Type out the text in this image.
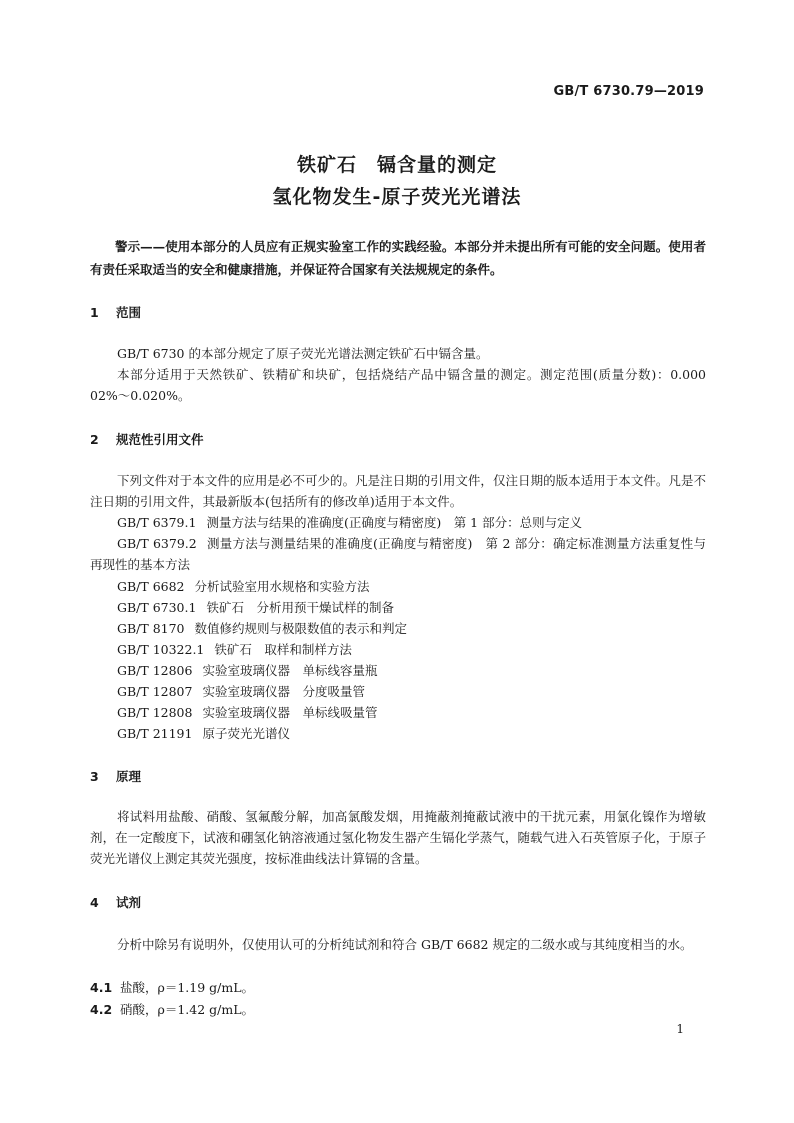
GB/T 6730.79—2019
铁矿石　镉含量的测定
氢化物发生-原子荧光光谱法

警示——使用本部分的人员应有正规实验室工作的实践经验。本部分并未提出所有可能的安全问题。使用者有责任采取适当的安全和健康措施，并保证符合国家有关法规规定的条件。

1 范围

GB/T 6730 的本部分规定了原子荧光光谱法测定铁矿石中镉含量。

本部分适用于天然铁矿、铁精矿和块矿，包括烧结产品中镉含量的测定。测定范围(质量分数)：0.000 02%～0.020%。

2 规范性引用文件

下列文件对于本文件的应用是必不可少的。凡是注日期的引用文件，仅注日期的版本适用于本文件。凡是不注日期的引用文件，其最新版本(包括所有的修改单)适用于本文件。

GB/T 6379.1 测量方法与结果的准确度(正确度与精密度)　第 1 部分：总则与定义

GB/T 6379.2 测量方法与测量结果的准确度(正确度与精密度)　第 2 部分：确定标准测量方法重复性与再现性的基本方法

GB/T 6682 分析试验室用水规格和实验方法

GB/T 6730.1 铁矿石　分析用预干燥试样的制备

GB/T 8170 数值修约规则与极限数值的表示和判定

GB/T 10322.1 铁矿石　取样和制样方法

GB/T 12806 实验室玻璃仪器　单标线容量瓶

GB/T 12807 实验室玻璃仪器　分度吸量管

GB/T 12808 实验室玻璃仪器　单标线吸量管

GB/T 21191 原子荧光光谱仪

3 原理

将试料用盐酸、硝酸、氢氟酸分解，加高氯酸发烟，用掩蔽剂掩蔽试液中的干扰元素，用氯化镍作为增敏剂，在一定酸度下，试液和硼氢化钠溶液通过氢化物发生器产生镉化学蒸气，随载气进入石英管原子化，于原子荧光光谱仪上测定其荧光强度，按标准曲线法计算镉的含量。

4 试剂

分析中除另有说明外，仅使用认可的分析纯试剂和符合 GB/T 6682 规定的二级水或与其纯度相当的水。

4.1 盐酸，ρ＝1.19 g/mL。

4.2 硝酸，ρ＝1.42 g/mL。

1
